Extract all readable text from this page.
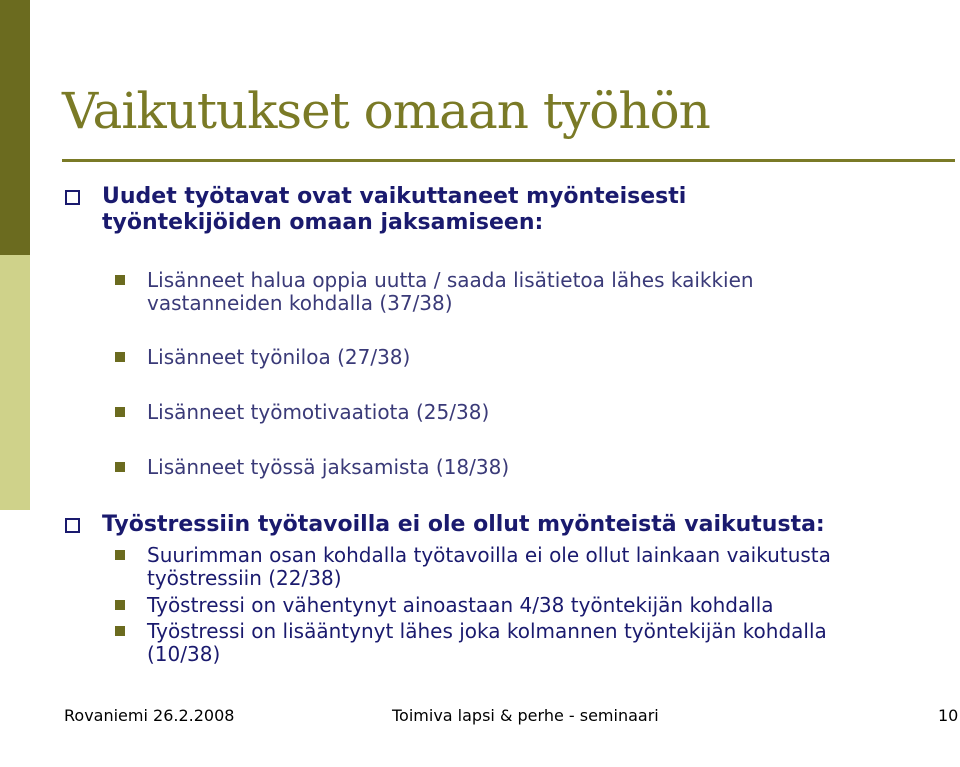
Vaikutukset omaan työhön

Uudet työtavat ovat vaikuttaneet myönteisesti

työntekijöiden omaan jaksamiseen:

Lisänneet halua oppia uutta / saada lisätietoa lähes kaikkien

vastanneiden kohdalla (37/38)

Lisänneet työniloa (27/38)

Lisänneet työmotivaatiota (25/38)

Lisänneet työssä jaksamista (18/38)

Työstressiin työtavoilla ei ole ollut myönteistä vaikutusta:

Suurimman osan kohdalla työtavoilla ei ole ollut lainkaan vaikutusta

työstressiin (22/38)

Työstressi on vähentynyt ainoastaan 4/38 työntekijän kohdalla

Työstressi on lisääntynyt lähes joka kolmannen työntekijän kohdalla

(10/38)

Rovaniemi 26.2.2008	Toimiva lapsi & perhe - seminaari	10
